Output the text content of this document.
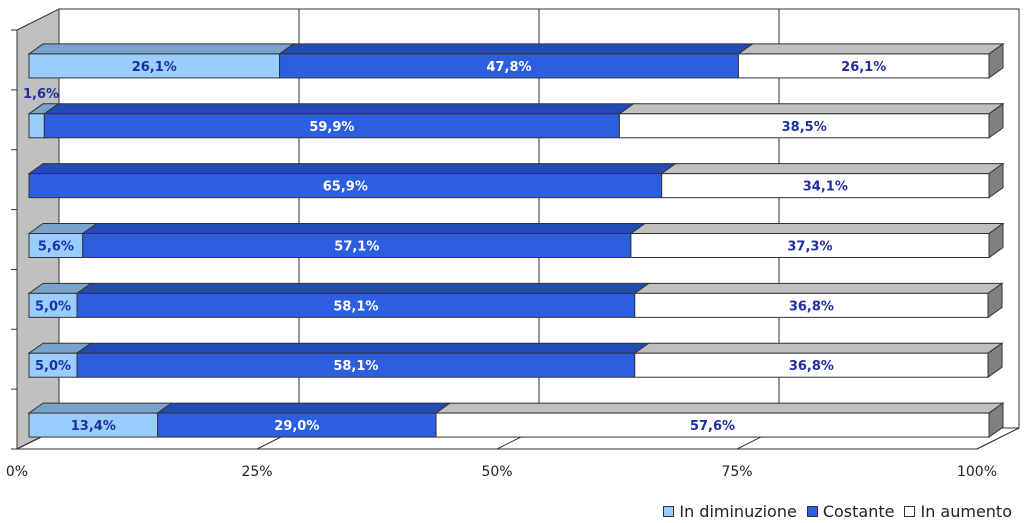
26,1%	47,8%	26,1%
1,6%
59,9%	38,5%
65,9%	34,1%
5,6%	57,1%	37,3%
5,0%	58,1%	36,8%
5,0%	58,1%	36,8%
13,4%	29,0%	57,6%
0%	25%	50%	75%	100%
In diminuzione Costante In aumento
